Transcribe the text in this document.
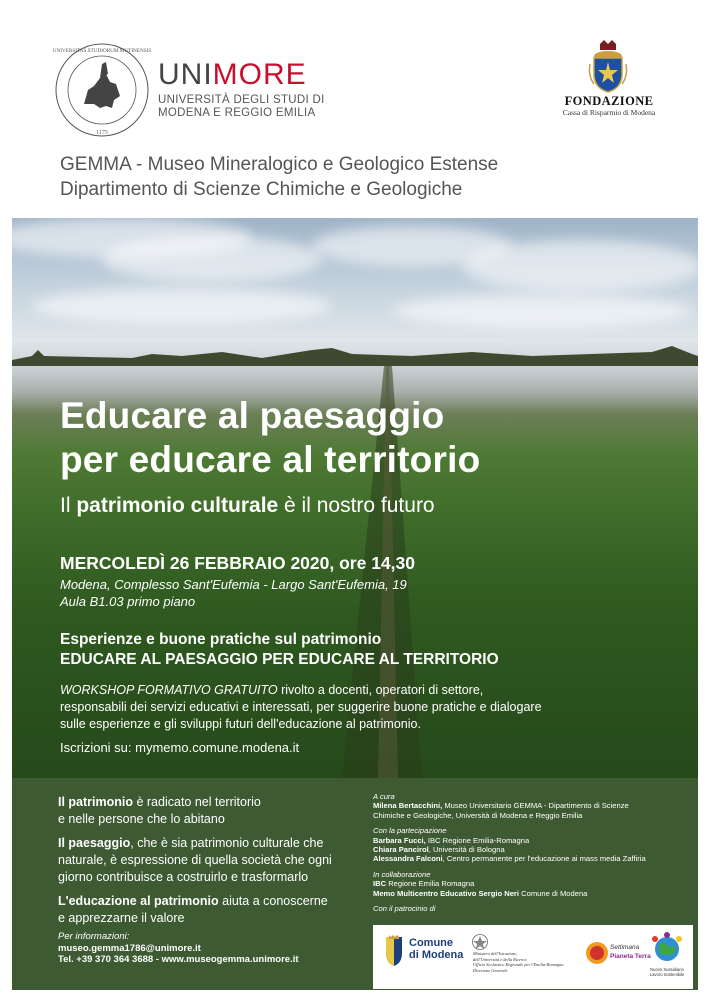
UNIVERSITAS STUDIORUM MUTINENSIS
1175
UNIMORE
UNIVERSITÀ DEGLI STUDI DI
MODENA E REGGIO EMILIA
FONDAZIONE
Cassa di Risparmio di Modena
GEMMA - Museo Mineralogico e Geologico Estense
Dipartimento di Scienze Chimiche e Geologiche
Educare al paesaggio
per educare al territorio
Il patrimonio culturale è il nostro futuro
MERCOLEDÌ 26 FEBBRAIO 2020, ore 14,30
Modena, Complesso Sant'Eufemia - Largo Sant'Eufemia, 19
Aula B1.03 primo piano
Esperienze e buone pratiche sul patrimonio
EDUCARE AL PAESAGGIO PER EDUCARE AL TERRITORIO
WORKSHOP FORMATIVO GRATUITO rivolto a docenti, operatori di settore,
responsabili dei servizi educativi e interessati, per suggerire buone pratiche e dialogare
sulle esperienze e gli sviluppi futuri dell'educazione al patrimonio.
Iscrizioni su: mymemo.comune.modena.it

Il patrimonio è radicato nel territorio
e nelle persone che lo abitano

Il paesaggio, che è sia patrimonio culturale che
naturale, è espressione di quella società che ogni
giorno contribuisce a costruirlo e trasformarlo

L'educazione al patrimonio aiuta a conoscerne
e apprezzarne il valore

Per informazioni:
museo.gemma1786@unimore.it
Tel. +39 370 364 3688 - www.museogemma.unimore.it
A cura
Milena Bertacchini, Museo Universitario GEMMA - Dipartimento di Scienze
Chimiche e Geologiche, Università di Modena e Reggio Emilia
Con la partecipazione
Barbara Fucci, IBC Regione Emilia-Romagna
Chiara Pancirol, Università di Bologna
Alessandra Falconi, Centro permanente per l'educazione ai mass media Zaffiria
In collaborazione
IBC Regione Emilia Romagna
Memo Multicentro Educativo Sergio Neri Comune di Modena
Con il patrocinio di
Comune
di Modena Ministero dell'Istruzione,
dell'Università e della Ricerca
Ufficio Scolastico Regionale per l'Emilia-Romagna
Direzione Generale
Settimana
Pianeta Terra
Nuovo Sussidiario
Lavoro Sostenibile
